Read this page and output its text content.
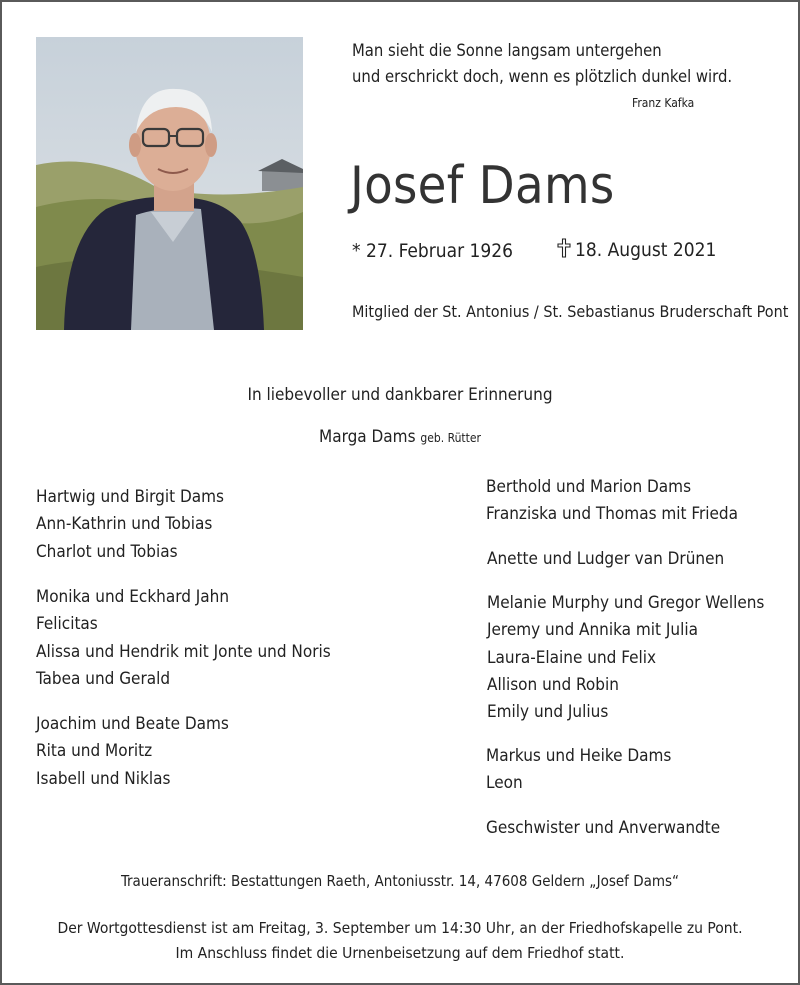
Man sieht die Sonne langsam untergehen
und erschrickt doch, wenn es plötzlich dunkel wird.
Franz Kafka
Josef Dams
* 27. Februar 1926	18. August 2021
Mitglied der St. Antonius / St. Sebastianus Bruderschaft Pont
In liebevoller und dankbarer Erinnerung
Marga Dams geb. Rütter
Hartwig und Birgit Dams
Ann-Kathrin und Tobias
Charlot und Tobias
Monika und Eckhard Jahn
Felicitas
Alissa und Hendrik mit Jonte und Noris
Tabea und Gerald
Joachim und Beate Dams
Rita und Moritz
Isabell und Niklas
Berthold und Marion Dams
Franziska und Thomas mit Frieda
Anette und Ludger van Drünen
Melanie Murphy und Gregor Wellens
Jeremy und Annika mit Julia
Laura-Elaine und Felix
Allison und Robin
Emily und Julius
Markus und Heike Dams
Leon
Geschwister und Anverwandte
Traueranschrift: Bestattungen Raeth, Antoniusstr. 14, 47608 Geldern „Josef Dams“
Der Wortgottesdienst ist am Freitag, 3. September um 14:30 Uhr, an der Friedhofskapelle zu Pont.
Im Anschluss findet die Urnenbeisetzung auf dem Friedhof statt.
